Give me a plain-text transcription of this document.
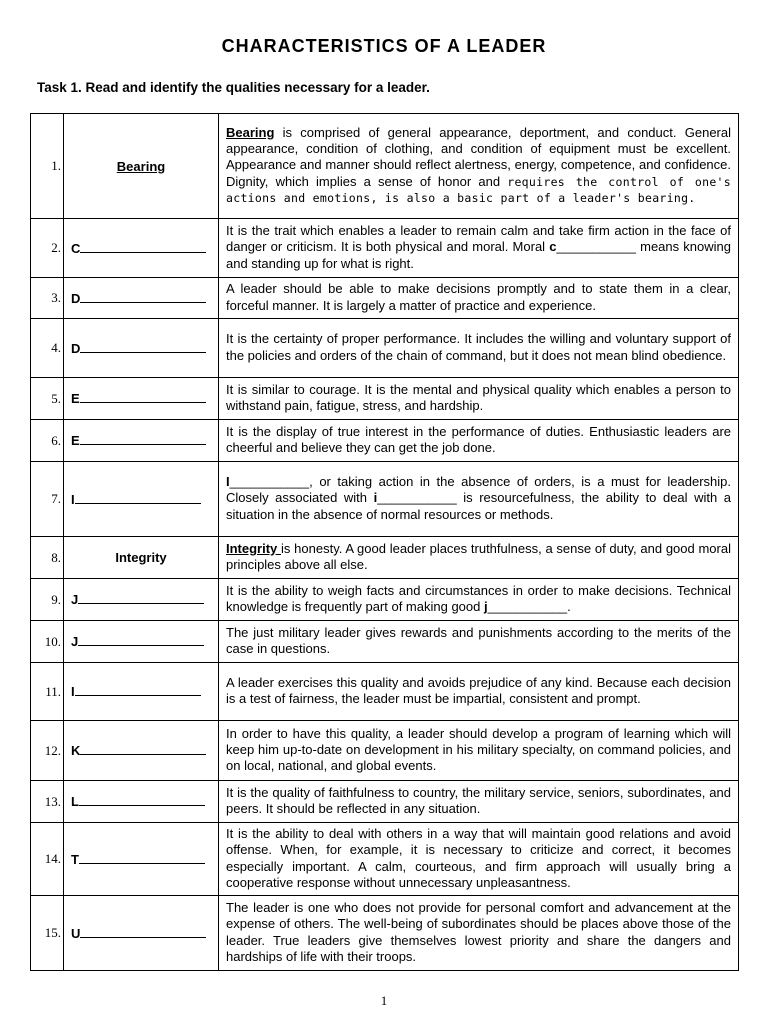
CHARACTERISTICS OF A LEADER

Task 1. Read and identify the qualities necessary for a leader.

1.	Bearing	Bearing is comprised of general appearance, deportment, and conduct. General appearance, condition of clothing, and condition of equipment must be excellent. Appearance and manner should reflect alertness, energy, competence, and confidence. Dignity, which implies a sense of honor and requires the control of one's actions and emotions, is also a basic part of a leader's bearing.
2.	C	It is the trait which enables a leader to remain calm and take firm action in the face of danger or criticism. It is both physical and moral. Moral c___________ means knowing and standing up for what is right.
3.	D	A leader should be able to make decisions promptly and to state them in a clear, forceful manner. It is largely a matter of practice and experience.
4.	D	It is the certainty of proper performance. It includes the willing and voluntary support of the policies and orders of the chain of command, but it does not mean blind obedience.
5.	E	It is similar to courage. It is the mental and physical quality which enables a person to withstand pain, fatigue, stress, and hardship.
6.	E	It is the display of true interest in the performance of duties. Enthusiastic leaders are cheerful and believe they can get the job done.
7.	I	I___________, or taking action in the absence of orders, is a must for leadership. Closely associated with i___________ is resourcefulness, the ability to deal with a situation in the absence of normal resources or methods.
8.	Integrity	Integrity is honesty. A good leader places truthfulness, a sense of duty, and good moral principles above all else.
9.	J	It is the ability to weigh facts and circumstances in order to make decisions. Technical knowledge is frequently part of making good j___________.
10.	J	The just military leader gives rewards and punishments according to the merits of the case in questions.
11.	I	A leader exercises this quality and avoids prejudice of any kind. Because each decision is a test of fairness, the leader must be impartial, consistent and prompt.
12.	K	In order to have this quality, a leader should develop a program of learning which will keep him up-to-date on development in his military specialty, on command policies, and on local, national, and global events.
13.	L	It is the quality of faithfulness to country, the military service, seniors, subordinates, and peers. It should be reflected in any situation.
14.	T	It is the ability to deal with others in a way that will maintain good relations and avoid offense. When, for example, it is necessary to criticize and correct, it becomes especially important. A calm, courteous, and firm approach will usually bring a cooperative response without unnecessary unpleasantness.
15.	U	The leader is one who does not provide for personal comfort and advancement at the expense of others. The well-being of subordinates should be places above those of the leader. True leaders give themselves lowest priority and share the dangers and hardships of life with their troops.
1
